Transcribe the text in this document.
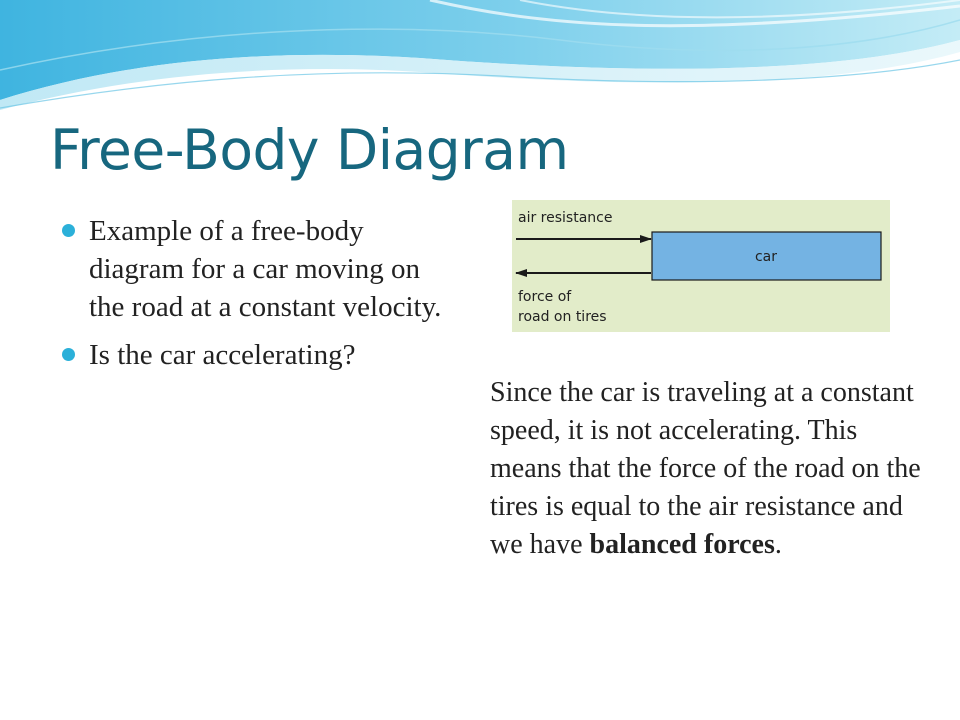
Free-Body Diagram
Example of a free-body diagram for a car moving on the road at a constant velocity.
Is the car accelerating?
air resistance
car
force of
road on tires

Since the car is traveling at a constant speed, it is not accelerating. This means that the force of the road on the tires is equal to the air resistance and we have balanced forces.
